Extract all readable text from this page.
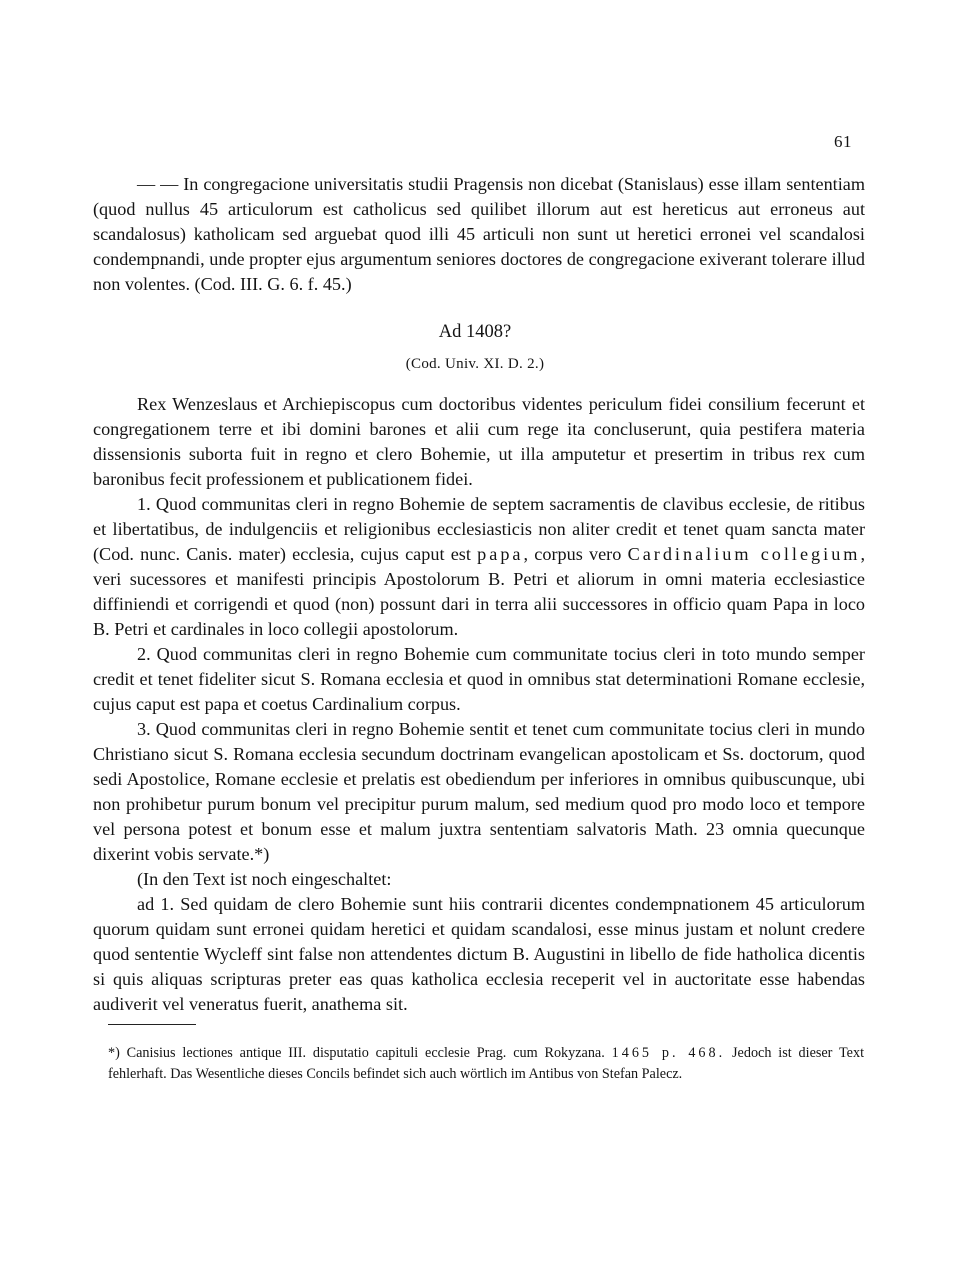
61

— — In congregacione universitatis studii Pragensis non dicebat (Stanislaus) esse illam sententiam (quod nullus 45 articulorum est catholicus sed quilibet illorum aut est hereticus aut erroneus aut scandalosus) katholicam sed arguebat quod illi 45 articuli non sunt ut heretici erronei vel scandalosi condempnandi, unde propter ejus argumentum seniores doctores de congregacione exiverant tolerare illud non volentes. (Cod. III. G. 6. f. 45.)

Ad 1408?
(Cod. Univ. XI. D. 2.)

Rex Wenzeslaus et Archiepiscopus cum doctoribus videntes periculum fidei consilium fecerunt et congregationem terre et ibi domini barones et alii cum rege ita concluserunt, quia pestifera materia dissensionis suborta fuit in regno et clero Bohemie, ut illa amputetur et presertim in tribus rex cum baronibus fecit professionem et publicationem fidei.

1. Quod communitas cleri in regno Bohemie de septem sacramentis de clavibus ecclesie, de ritibus et libertatibus, de indulgenciis et religionibus ecclesiasticis non aliter credit et tenet quam sancta mater (Cod. nunc. Canis. mater) ecclesia, cujus caput est papa, corpus vero Cardinalium collegium, veri sucessores et manifesti principis Apostolorum B. Petri et aliorum in omni materia ecclesiastice diffiniendi et corrigendi et quod (non) possunt dari in terra alii successores in officio quam Papa in loco B. Petri et cardinales in loco collegii apostolorum.

2. Quod communitas cleri in regno Bohemie cum communitate tocius cleri in toto mundo semper credit et tenet fideliter sicut S. Romana ecclesia et quod in omnibus stat determinationi Romane ecclesie, cujus caput est papa et coetus Cardinalium corpus.

3. Quod communitas cleri in regno Bohemie sentit et tenet cum communitate tocius cleri in mundo Christiano sicut S. Romana ecclesia secundum doctrinam evangelican apostolicam et Ss. doctorum, quod sedi Apostolice, Romane ecclesie et prelatis est obediendum per inferiores in omnibus quibuscunque, ubi non prohibetur purum bonum vel precipitur purum malum, sed medium quod pro modo loco et tempore vel persona potest et bonum esse et malum juxtra sententiam salvatoris Math. 23 omnia quecunque dixerint vobis servate.*)

(In den Text ist noch eingeschaltet:

ad 1. Sed quidam de clero Bohemie sunt hiis contrarii dicentes condempnationem 45 articulorum quorum quidam sunt erronei quidam heretici et quidam scandalosi, esse minus justam et nolunt credere quod sententie Wycleff sint false non attendentes dictum B. Augustini in libello de fide hatholica dicentis si quis aliquas scripturas preter eas quas katholica ecclesia receperit vel in auctoritate esse habendas audiverit vel veneratus fuerit, anathema sit.

*) Canisius lectiones antique III. disputatio capituli ecclesie Prag. cum Rokyzana. 1465 p. 468. Jedoch ist dieser Text fehlerhaft. Das Wesentliche dieses Concils befindet sich auch wörtlich im Antibus von Stefan Palecz.
